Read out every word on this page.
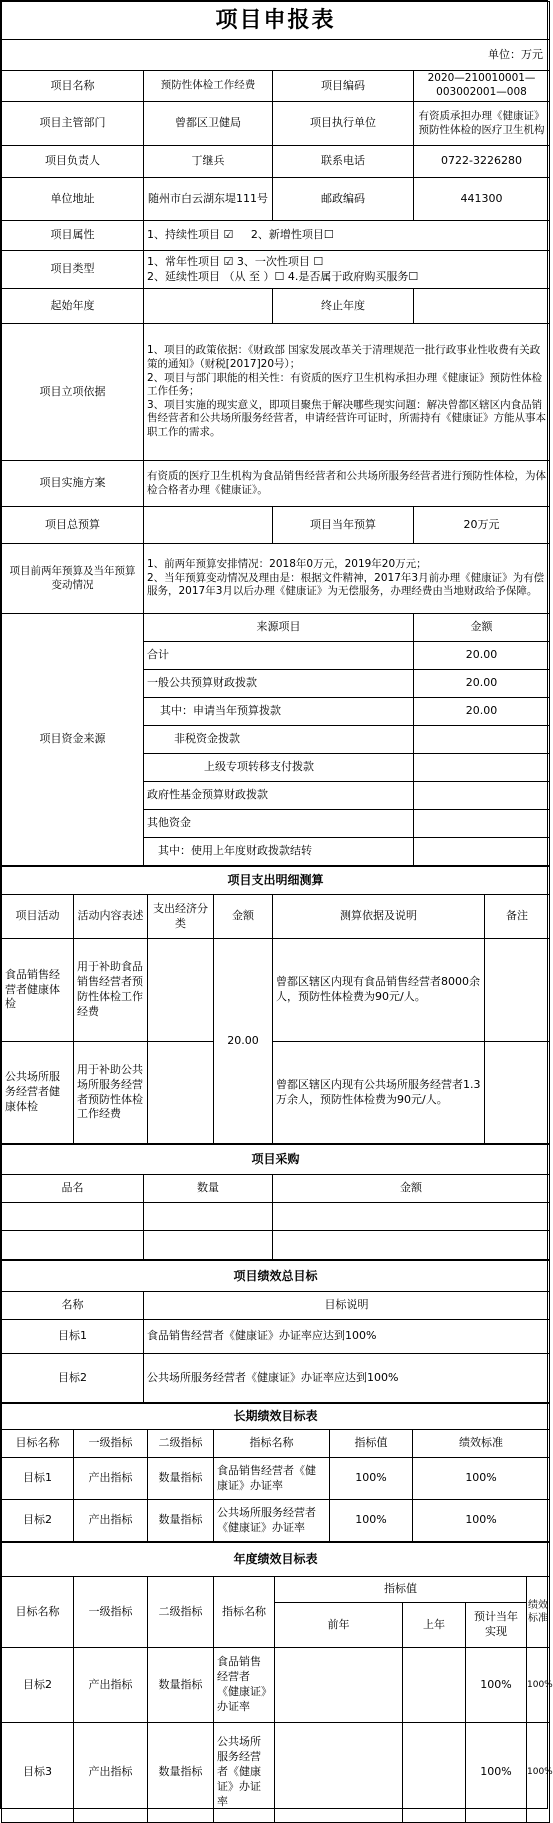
项目申报表			
单位：万元			
项目名称	预防性体检工作经费	项目编码	2020—210010001—003002001—008
项目主管部门	曾都区卫健局	项目执行单位	有资质承担办理《健康证》预防性体检的医疗卫生机构
项目负责人	丁继兵	联系电话	0722-3226280
单位地址	随州市白云湖东堤111号	邮政编码	441300
项目属性	1、持续性项目 ☑ 2、新增性项目☐		
项目类型	1、常年性项目 ☑ 3、一次性项目 ☐
2、延续性项目 （从 至 ）☐ 4.是否属于政府购买服务☐		

起始年度		终止年度	
项目立项依据	1、项目的政策依据：《财政部 国家发展改革关于清理规范一批行政事业性收费有关政策的通知》（财税[2017]20号）；
2、项目与部门职能的相关性：有资质的医疗卫生机构承担办理《健康证》预防性体检工作任务；
3、项目实施的现实意义，即项目聚焦于解决哪些现实问题：解决曾都区辖区内食品销售经营者和公共场所服务经营者，申请经营许可证时，所需持有《健康证》方能从事本职工作的需求。		

项目实施方案	有资质的医疗卫生机构为食品销售经营者和公共场所服务经营者进行预防性体检，为体检合格者办理《健康证》。		
项目总预算		项目当年预算	20万元
项目前两年预算及当年预算变动情况	1、前两年预算安排情况：2018年0万元，2019年20万元；
2、当年预算变动情况及理由是：根据文件精神，2017年3月前办理《健康证》为有偿服务，2017年3月以后办理《健康证》为无偿服务，办理经费由当地财政给予保障。		

项目资金来源	来源项目		金额
	合计		20.00
	一般公共预算财政拨款		20.00
	其中：申请当年预算拨款		20.00
	非税资金拨款		
	上级专项转移支付拨款		
	政府性基金预算财政拨款		
	其他资金		
	其中：使用上年度财政拨款结转		
项目支出明细测算					
项目活动	活动内容表述	支出经济分类	金额	测算依据及说明	备注
食品销售经营者健康体检	用于补助食品销售经营者预防性体检工作经费		20.00	曾都区辖区内现有食品销售经营者8000余人，预防性体检费为90元/人。	
公共场所服务经营者健康体检	用于补助公共场所服务经营者预防性体检工作经费			曾都区辖区内现有公共场所服务经营者1.3万余人，预防性体检费为90元/人。	
项目采购		
品名	数量	金额

项目绩效总目标	
名称	目标说明
目标1	食品销售经营者《健康证》办证率应达到100%
目标2	公共场所服务经营者《健康证》办证率应达到100%
长期绩效目标表					
目标名称	一级指标	二级指标	指标名称	指标值	绩效标准
目标1	产出指标	数量指标	食品销售经营者《健康证》办证率	100%	100%
目标2	产出指标	数量指标	公共场所服务经营者《健康证》办证率	100%	100%
年度绩效目标表							
目标名称	一级指标	二级指标	指标名称	指标值			绩效标准
				前年	上年	预计当年实现	
目标2	产出指标	数量指标	食品销售经营者《健康证》办证率			100%	100%
目标3	产出指标	数量指标	公共场所服务经营者《健康证》办证率			100%	100%
